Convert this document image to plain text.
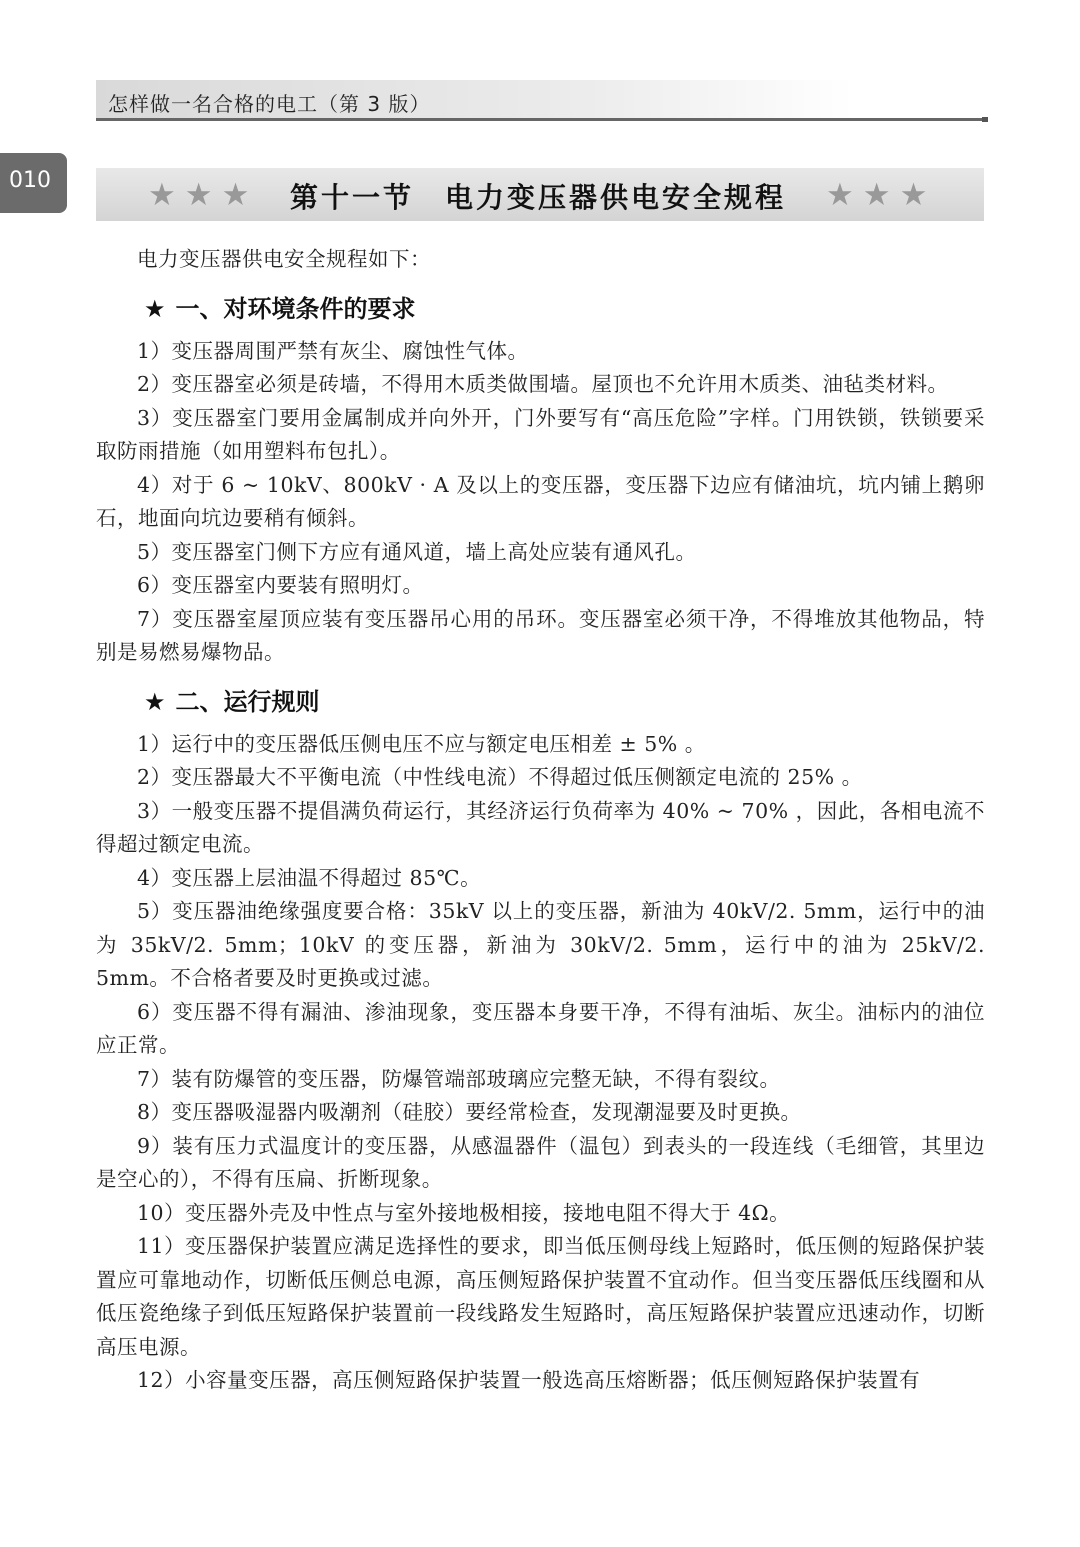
怎样做一名合格的电工（第 3 版）
010	★ ★ ★ 第十一节　电力变压器供电安全规程 ★ ★ ★

电力变压器供电安全规程如下：

★ 一、对环境条件的要求

1）变压器周围严禁有灰尘、腐蚀性气体。

2）变压器室必须是砖墙，不得用木质类做围墙。屋顶也不允许用木质类、油毡类材料。

3）变压器室门要用金属制成并向外开，门外要写有“高压危险”字样。门用铁锁，铁锁要采取防雨措施（如用塑料布包扎）。

4）对于 6 ~ 10kV、800kV · A 及以上的变压器，变压器下边应有储油坑，坑内铺上鹅卵石，地面向坑边要稍有倾斜。

5）变压器室门侧下方应有通风道，墙上高处应装有通风孔。

6）变压器室内要装有照明灯。

7）变压器室屋顶应装有变压器吊心用的吊环。变压器室必须干净，不得堆放其他物品，特别是易燃易爆物品。

★ 二、运行规则

1）运行中的变压器低压侧电压不应与额定电压相差 ± 5% 。

2）变压器最大不平衡电流（中性线电流）不得超过低压侧额定电流的 25% 。

3）一般变压器不提倡满负荷运行，其经济运行负荷率为 40% ~ 70% ，因此，各相电流不得超过额定电流。

4）变压器上层油温不得超过 85℃。

5）变压器油绝缘强度要合格：35kV 以上的变压器，新油为 40kV/2. 5mm，运行中的油为 35kV/2. 5mm；10kV 的变压器，新油为 30kV/2. 5mm，运行中的油为 25kV/2. 5mm。不合格者要及时更换或过滤。

6）变压器不得有漏油、渗油现象，变压器本身要干净，不得有油垢、灰尘。油标内的油位应正常。

7）装有防爆管的变压器，防爆管端部玻璃应完整无缺，不得有裂纹。

8）变压器吸湿器内吸潮剂（硅胶）要经常检查，发现潮湿要及时更换。

9）装有压力式温度计的变压器，从感温器件（温包）到表头的一段连线（毛细管，其里边是空心的），不得有压扁、折断现象。

10）变压器外壳及中性点与室外接地极相接，接地电阻不得大于 4Ω。

11）变压器保护装置应满足选择性的要求，即当低压侧母线上短路时，低压侧的短路保护装置应可靠地动作，切断低压侧总电源，高压侧短路保护装置不宜动作。但当变压器低压线圈和从低压瓷绝缘子到低压短路保护装置前一段线路发生短路时，高压短路保护装置应迅速动作，切断高压电源。

12）小容量变压器，高压侧短路保护装置一般选高压熔断器；低压侧短路保护装置有
